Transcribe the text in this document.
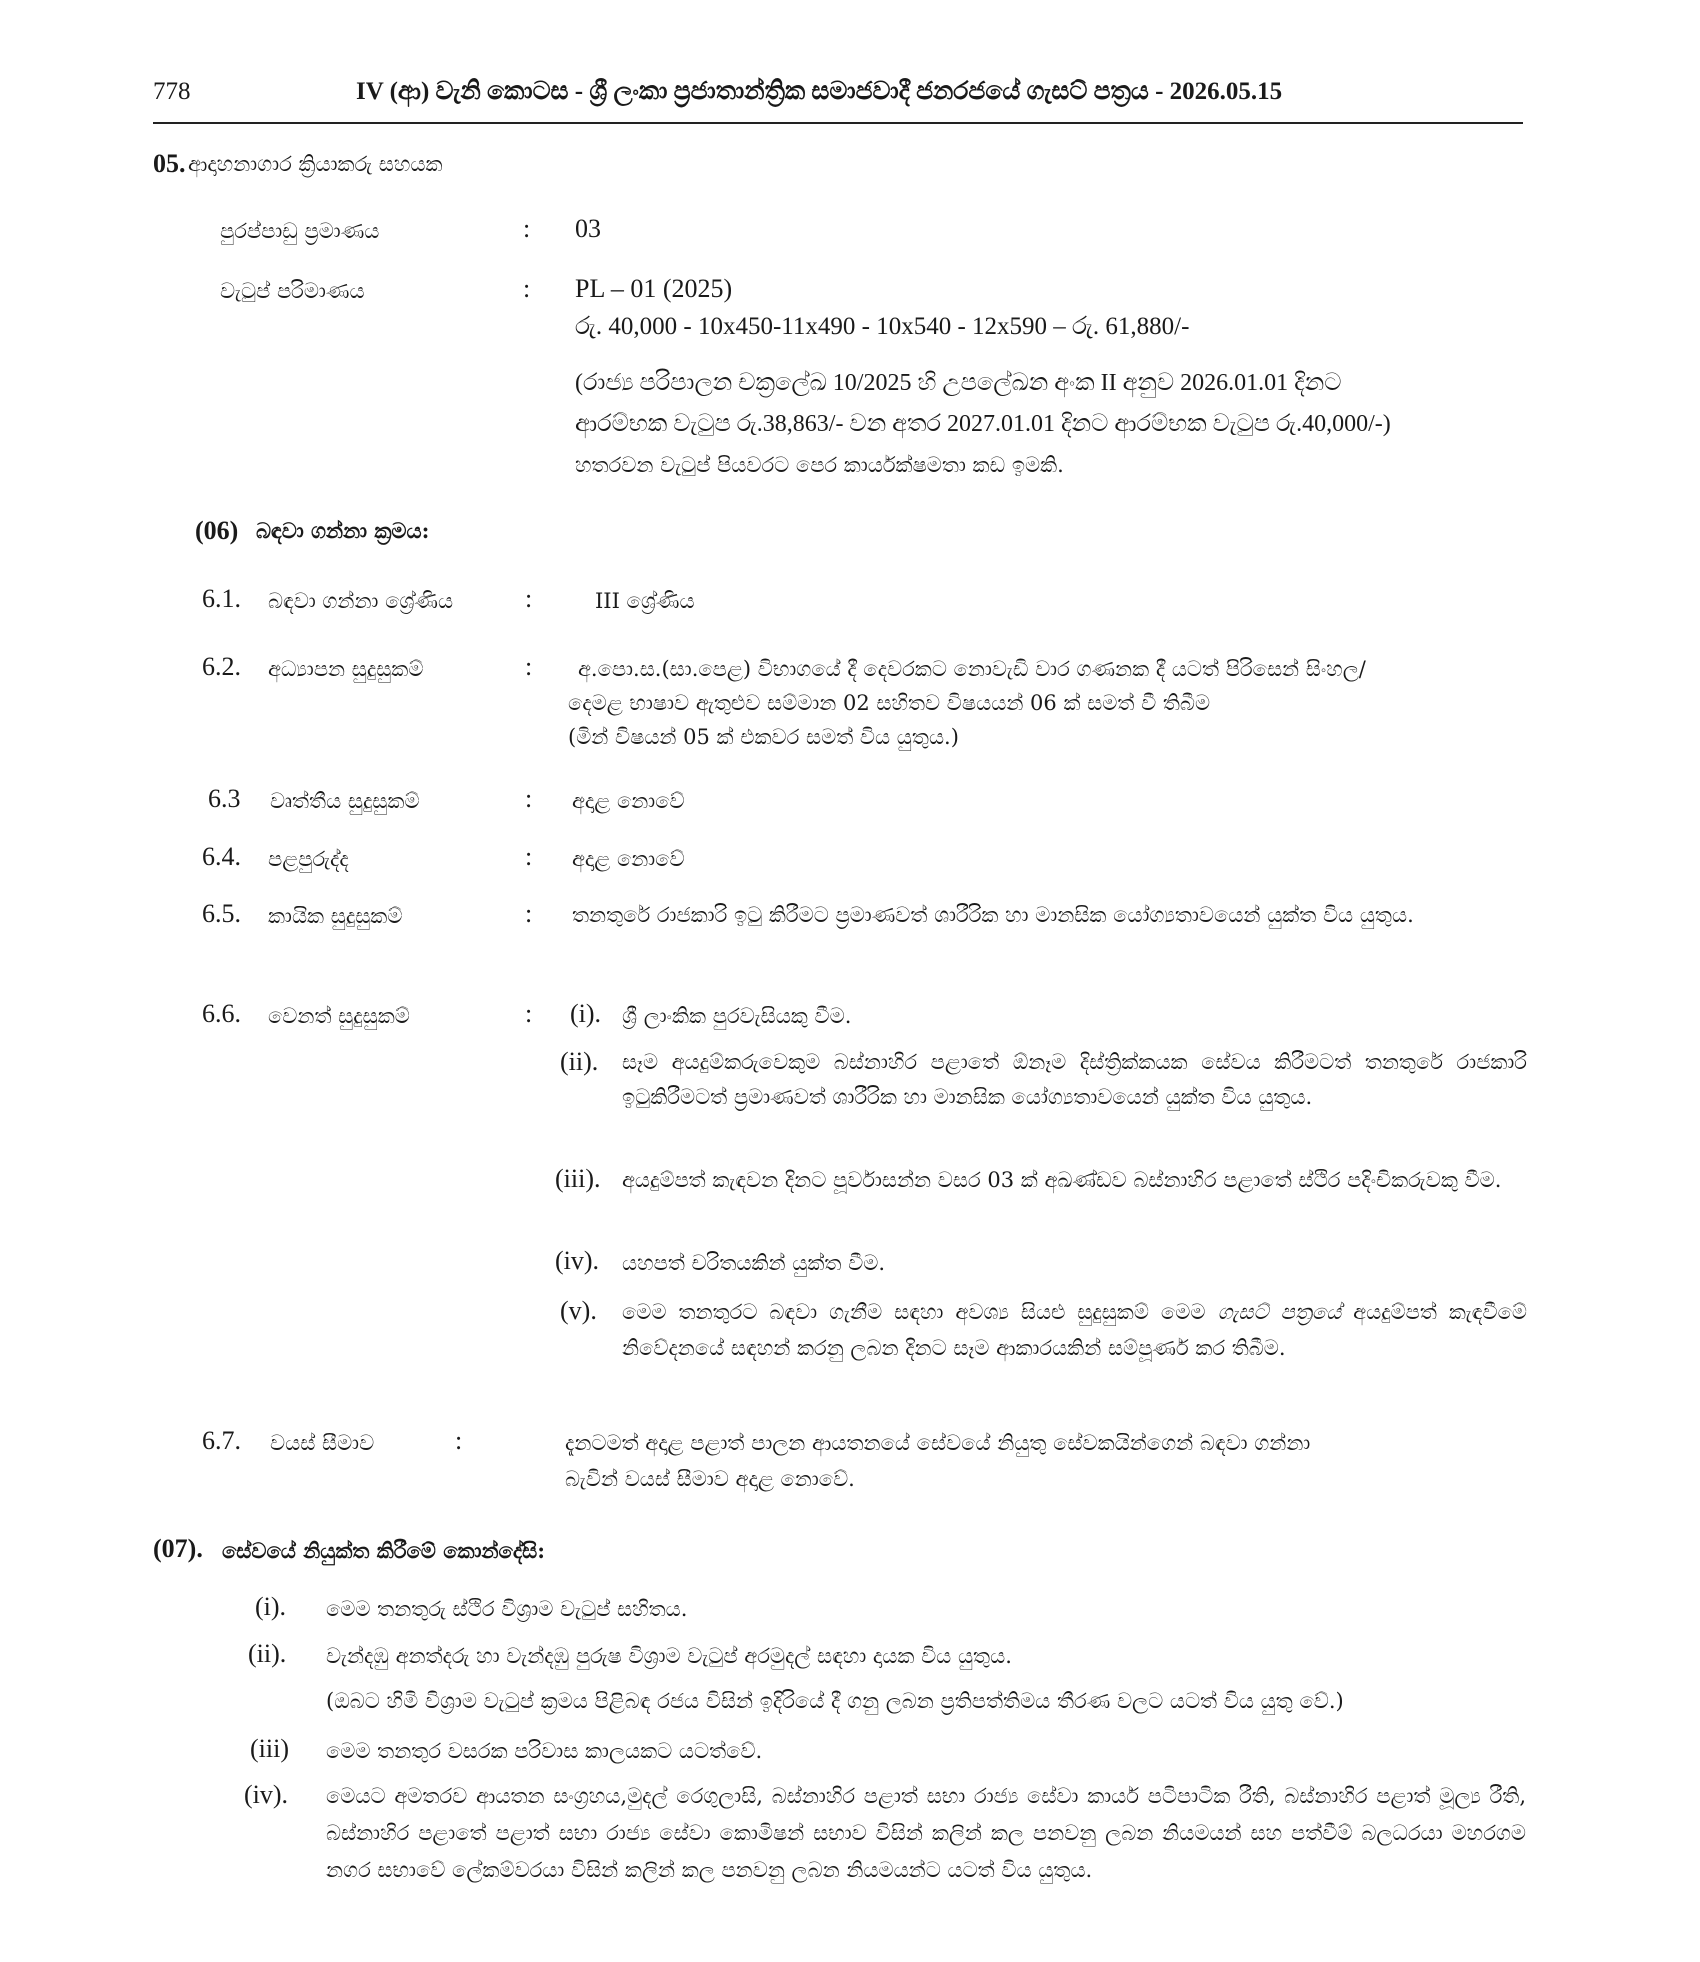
778	IV (ආ) වැනි කොටස - ශ්‍රී ලංකා ප්‍රජාතාන්ත්‍රික සමාජවාදී ජනරජයේ ගැසට් පත්‍රය - 2026.05.15
05. ආදාහනාගාර ක්‍රියාකරු සහයක
පුරප්පාඩු ප්‍රමාණය	: 03
වැටුප් පරිමාණය	: PL – 01 (2025)
රු. 40,000 - 10x450-11x490 - 10x540 - 12x590 – රු. 61,880/-
(රාජ්‍ය පරිපාලන චක්‍රලේඛ 10/2025 හි උපලේඛන අංක II අනුව 2026.01.01 දිනට
ආරම්භක වැටුප රු.38,863/- වන අතර 2027.01.01 දිනට ආරම්භක වැටුප රු.40,000/-)
හතරවන වැටුප් පියවරට පෙර කාර්යක්ෂමතා කඩ ඉමකි.
(06) බඳවා ගන්නා ක්‍රමය:
6.1. බඳවා ගන්නා ශ්‍රේණිය	:	III ශ්‍රේණිය
6.2. අධ්‍යාපන සුදුසුකම්	: අ.පො.ස.(සා.පෙළ) විභාගයේ දී දෙවරකට නොවැඩි වාර ගණනක දී යටත් පිරිසෙන් සිංහල/
දෙමළ භාෂාව ඇතුළුව සම්මාන 02 සහිතව විෂයයන් 06 ක් සමත් වී තිබීම
(මින් විෂයන් 05 ක් එකවර සමත් විය යුතුය.)
6.3 වෘත්තීය සුදුසුකම්	: අදාළ නොවේ
6.4. පළපුරුද්ද	: අදාළ නොවේ
6.5. කායික සුදුසුකම්	: තනතුරේ රාජකාරි ඉටු කිරීමට ප්‍රමාණවත් ශාරීරික හා මානසික යෝග්‍යතාවයෙන් යුක්ත විය යුතුය.
6.6. වෙනත් සුදුසුකම්	: (i). ශ්‍රී ලාංකික පුරවැසියකු වීම.
(ii). සෑම අයදුම්කරුවෙකුම බස්නාහිර පළාතේ ඕනෑම දිස්ත්‍රික්කයක සේවය කිරීමටත් තනතුරේ රාජකාරි ඉටුකිරීමටත් ප්‍රමාණවත් ශාරීරික හා මානසික යෝග්‍යතාවයෙන් යුක්ත විය යුතුය.
(iii). අයදුම්පත් කැඳවන දිනට පූර්වාසන්න වසර 03 ක් අඛණ්ඩව බස්නාහිර පළාතේ ස්ථිර පදිංචිකරුවකු වීම.
(iv). යහපත් චරිතයකින් යුක්ත වීම.
(v). මෙම තනතුරට බඳවා ගැනීම සඳහා අවශ්‍ය සියළු සුදුසුකම් මෙම ගැසට් පත්‍රයේ අයදුම්පත් කැඳවීමේ නිවේදනයේ සඳහන් කරනු ලබන දිනට සෑම ආකාරයකින් සම්පූර්ණ කර තිබීම.
6.7. වයස් සීමාව	:	දැනටමත් අදාළ පළාත් පාලන ආයතනයේ සේවයේ නියුතු සේවකයින්ගෙන් බඳවා ගන්නා
බැවින් වයස් සීමාව අදාළ නොවේ.
(07). සේවයේ නියුක්ත කිරීමේ කොන්දේසි:
(i). මෙම තනතුරු ස්ථිර විශ්‍රාම වැටුප් සහිතය.
(ii). වැන්දඹු අනත්දරු හා වැන්දඹු පුරුෂ විශ්‍රාම වැටුප් අරමුදල් සඳහා දායක විය යුතුය.
(ඔබට හිමි විශ්‍රාම වැටුප් ක්‍රමය පිළිබඳ රජය විසින් ඉදිරියේ දී ගනු ලබන ප්‍රතිපත්තිමය තීරණ වලට යටත් විය යුතු වේ.)
(iii) මෙම තනතුර වසරක පරිවාස කාලයකට යටත්වේ.
(iv). මෙයට අමතරව ආයතන සංග්‍රහය,මුදල් රෙගුලාසි, බස්නාහිර පළාත් සභා රාජ්‍ය සේවා කාර්ය පටිපාටික රීති, බස්නාහිර පළාත් මූල්‍ය රීති, බස්නාහිර පළාතේ පළාත් සභා රාජ්‍ය සේවා කොමිෂන් සභාව විසින් කලින් කල පනවනු ලබන නියමයන් සහ පත්වීම් බලධරයා මහරගම නගර සභාවේ ලේකම්වරයා විසින් කලින් කල පනවනු ලබන නියමයන්ට යටත් විය යුතුය.
